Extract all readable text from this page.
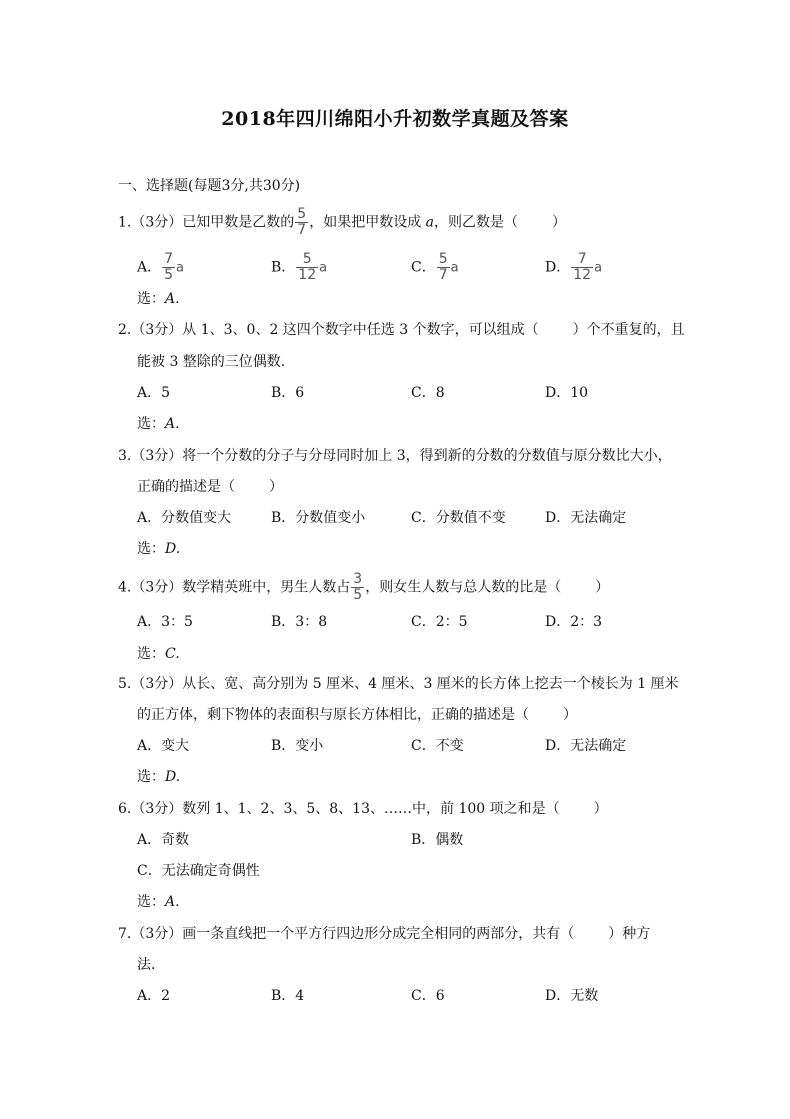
2018年四川绵阳小升初数学真题及答案
一、选择题(每题3分,共30分)
1.（3分）已知甲数是乙数的 $\frac{5}{7}$ ，如果把甲数设成 a，则乙数是（ ）
A． $\frac{7}{5}$ a	B． $\frac{5}{12}$ a	C． $\frac{5}{7}$ a	D． $\frac{7}{12}$ a
选：A.
2.（3分）从 1、3、0、2 这四个数字中任选 3 个数字，可以组成（ ）个不重复的，且
能被 3 整除的三位偶数．
A．5	B．6	C．8	D．10
选：A.
3.（3分）将一个分数的分子与分母同时加上 3，得到新的分数的分数值与原分数比大小，
正确的描述是（ ）
A．分数值变大	B．分数值变小	C．分数值不变	D．无法确定
选：D.
4.（3分）数学精英班中，男生人数占 $\frac{3}{5}$ ，则女生人数与总人数的比是（ ）
A．3：5	B．3：8	C．2：5	D．2：3
选：C.
5.（3分）从长、宽、高分别为 5 厘米、4 厘米、3 厘米的长方体上挖去一个棱长为 1 厘米
的正方体，剩下物体的表面积与原长方体相比，正确的描述是（ ）
A．变大	B．变小	C．不变	D．无法确定
选：D.
6.（3分）数列 1、1、2、3、5、8、13、……中，前 100 项之和是（ ）
A．奇数	B．偶数
C．无法确定奇偶性
选：A.
7.（3分）画一条直线把一个平方行四边形分成完全相同的两部分，共有（ ）种方
法．
A．2	B．4	C．6	D．无数
